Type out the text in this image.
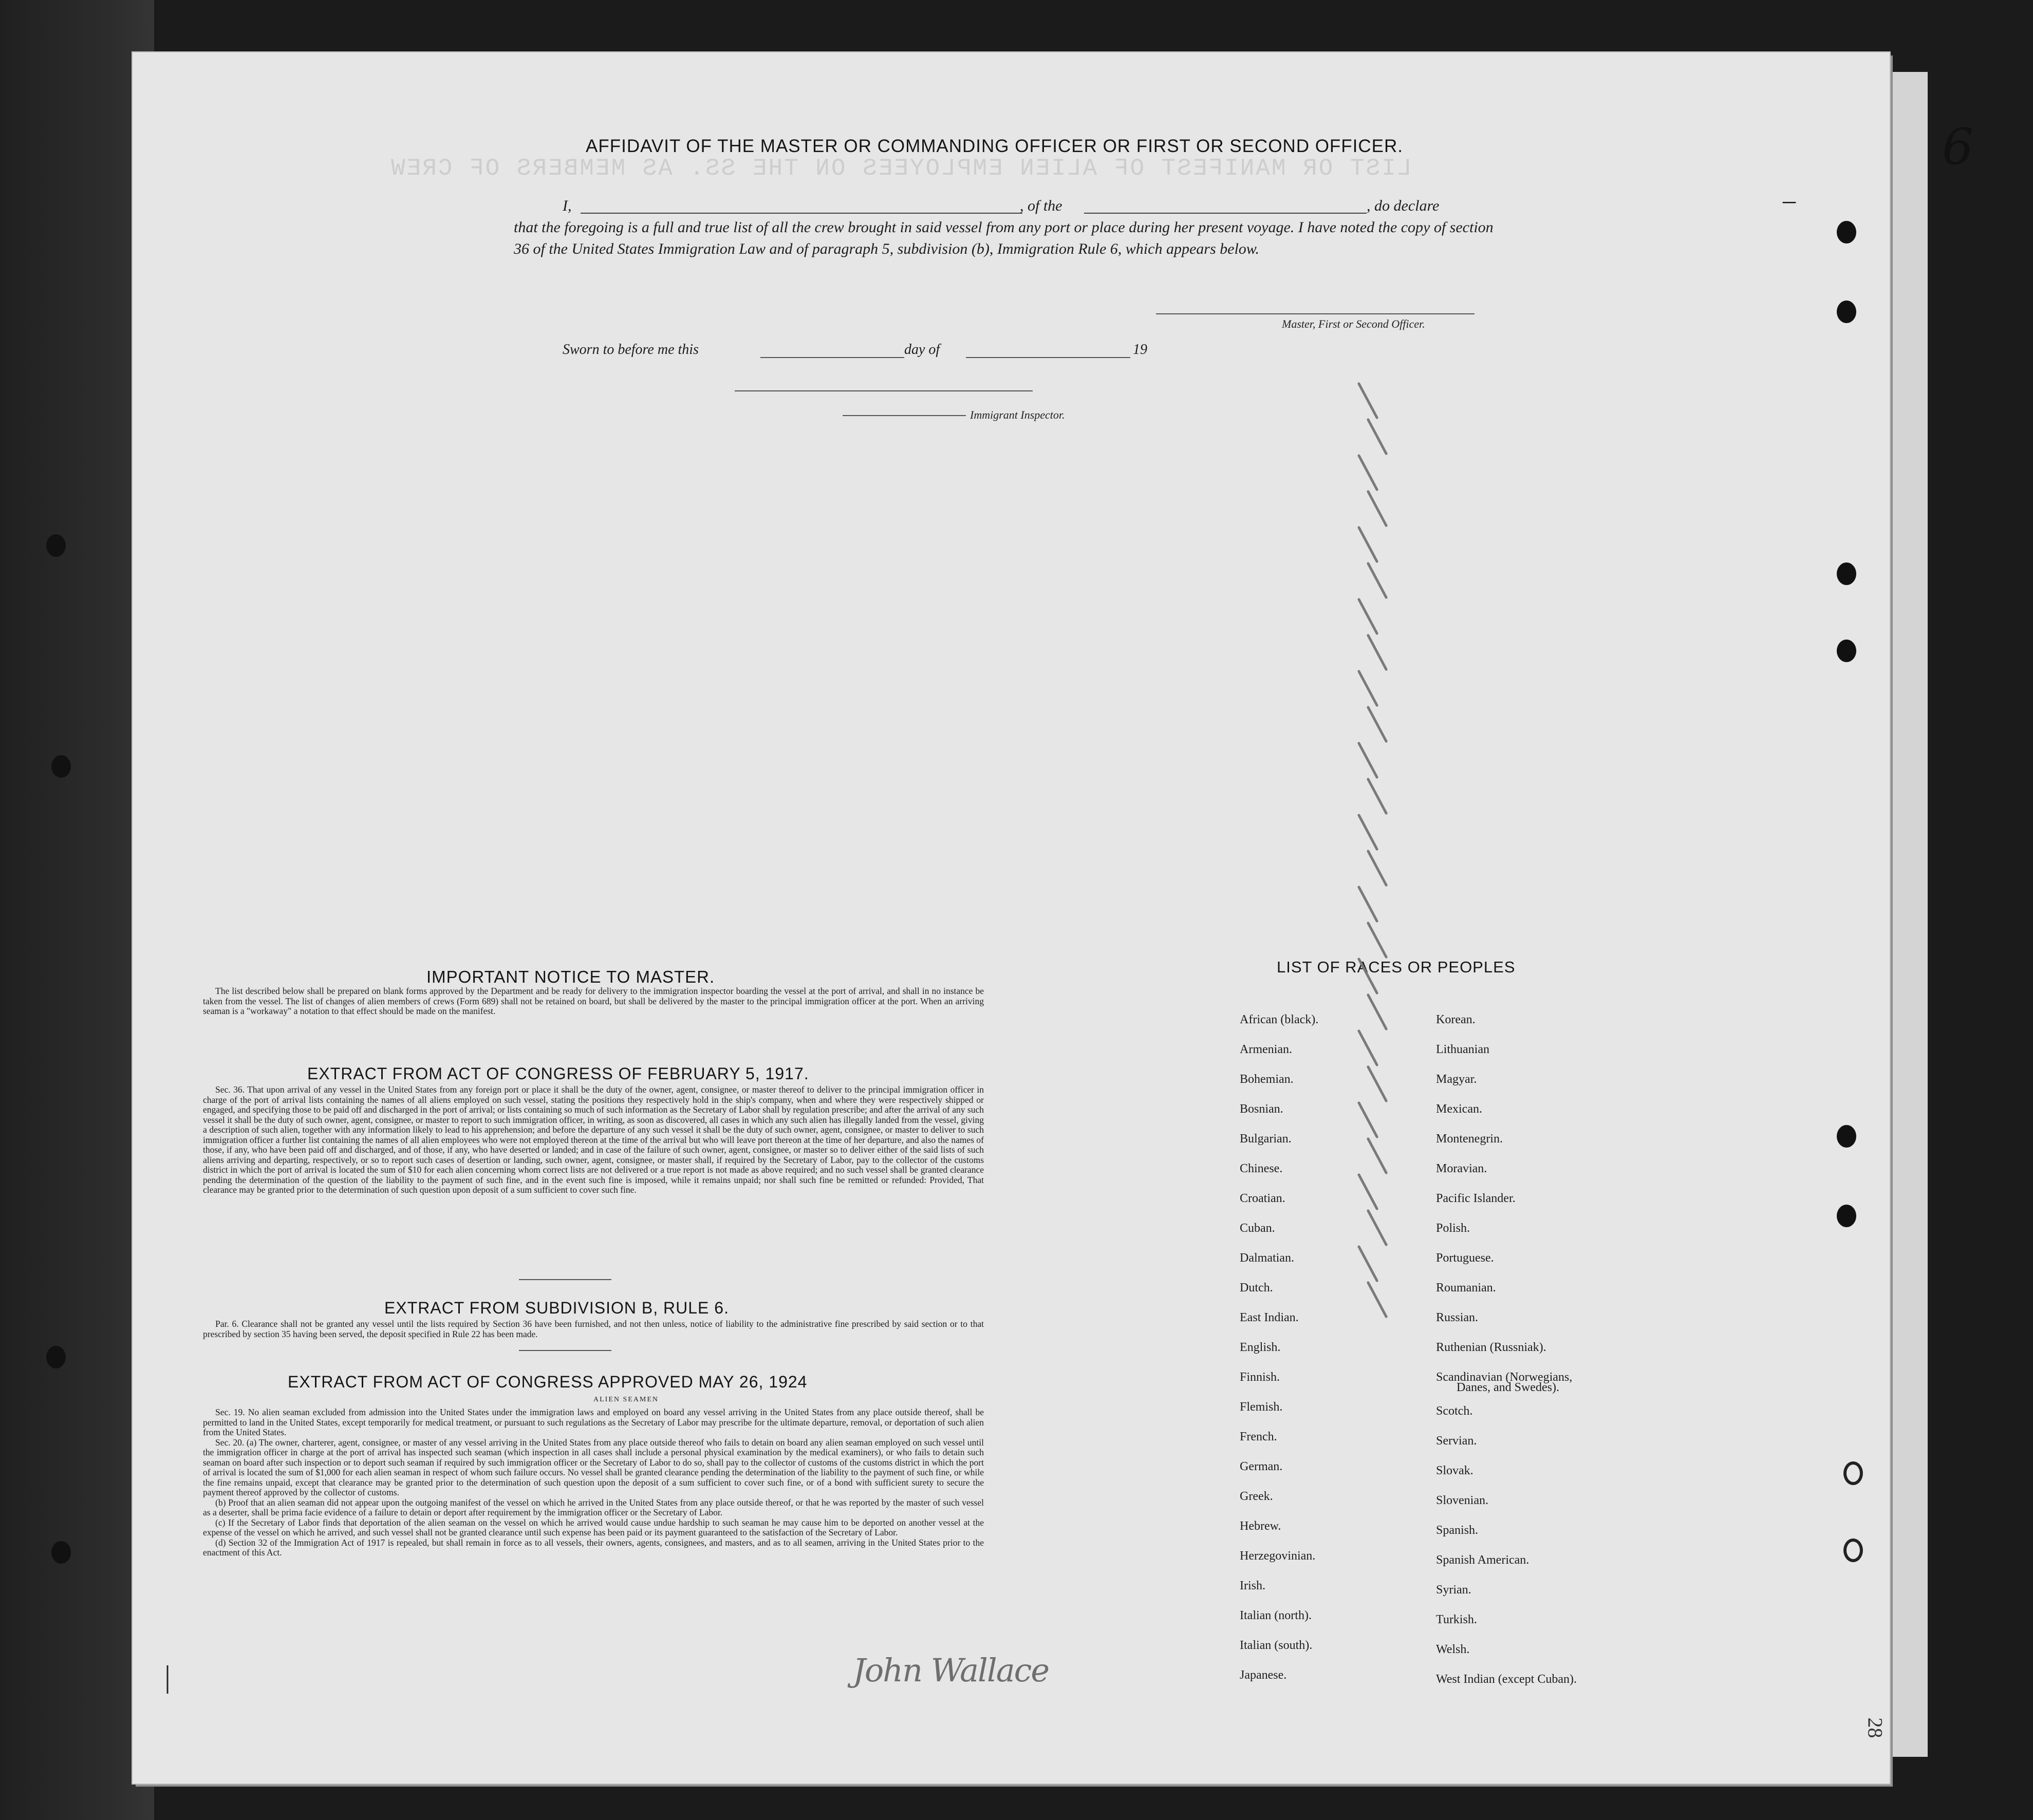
LIST OR MANIFEST OF ALIEN EMPLOYEES ON THE SS. AS MEMBERS OF CREW	6
–
AFFIDAVIT OF THE MASTER OR COMMANDING OFFICER OR FIRST OR SECOND OFFICER.
I,	, of the	, do declare
that the foregoing is a full and true list of all the crew brought in said vessel from any port or place during her present voyage. I have noted the copy of section 36 of the United States Immigration Law and of paragraph 5, subdivision (b), Immigration Rule 6, which appears below.
Master, First or Second Officer.
Sworn to before me this	day of	19
Immigrant Inspector.
IMPORTANT NOTICE TO MASTER.

The list described below shall be prepared on blank forms approved by the Department and be ready for delivery to the immigration inspector boarding the vessel at the port of arrival, and shall in no instance be taken from the vessel. The list of changes of alien members of crews (Form 689) shall not be retained on board, but shall be delivered by the master to the principal immigration officer at the port. When an arriving seaman is a "workaway" a notation to that effect should be made on the manifest.

EXTRACT FROM ACT OF CONGRESS OF FEBRUARY 5, 1917.

Sec. 36. That upon arrival of any vessel in the United States from any foreign port or place it shall be the duty of the owner, agent, consignee, or master thereof to deliver to the principal immigration officer in charge of the port of arrival lists containing the names of all aliens employed on such vessel, stating the positions they respectively hold in the ship's company, when and where they were respectively shipped or engaged, and specifying those to be paid off and discharged in the port of arrival; or lists containing so much of such information as the Secretary of Labor shall by regulation prescribe; and after the arrival of any such vessel it shall be the duty of such owner, agent, consignee, or master to report to such immigration officer, in writing, as soon as discovered, all cases in which any such alien has illegally landed from the vessel, giving a description of such alien, together with any information likely to lead to his apprehension; and before the departure of any such vessel it shall be the duty of such owner, agent, consignee, or master to deliver to such immigration officer a further list containing the names of all alien employees who were not employed thereon at the time of the arrival but who will leave port thereon at the time of her departure, and also the names of those, if any, who have been paid off and discharged, and of those, if any, who have deserted or landed; and in case of the failure of such owner, agent, consignee, or master so to deliver either of the said lists of such aliens arriving and departing, respectively, or so to report such cases of desertion or landing, such owner, agent, consignee, or master shall, if required by the Secretary of Labor, pay to the collector of the customs district in which the port of arrival is located the sum of $10 for each alien concerning whom correct lists are not delivered or a true report is not made as above required; and no such vessel shall be granted clearance pending the determination of the question of the liability to the payment of such fine, and in the event such fine is imposed, while it remains unpaid; nor shall such fine be remitted or refunded: Provided, That clearance may be granted prior to the determination of such question upon deposit of a sum sufficient to cover such fine.

EXTRACT FROM SUBDIVISION B, RULE 6.

Par. 6. Clearance shall not be granted any vessel until the lists required by Section 36 have been furnished, and not then unless, notice of liability to the administrative fine prescribed by said section or to that prescribed by section 35 having been served, the deposit specified in Rule 22 has been made.

EXTRACT FROM ACT OF CONGRESS APPROVED MAY 26, 1924
ALIEN SEAMEN

Sec. 19. No alien seaman excluded from admission into the United States under the immigration laws and employed on board any vessel arriving in the United States from any place outside thereof, shall be permitted to land in the United States, except temporarily for medical treatment, or pursuant to such regulations as the Secretary of Labor may prescribe for the ultimate departure, removal, or deportation of such alien from the United States.

Sec. 20. (a) The owner, charterer, agent, consignee, or master of any vessel arriving in the United States from any place outside thereof who fails to detain on board any alien seaman employed on such vessel until the immigration officer in charge at the port of arrival has inspected such seaman (which inspection in all cases shall include a personal physical examination by the medical examiners), or who fails to detain such seaman on board after such inspection or to deport such seaman if required by such immigration officer or the Secretary of Labor to do so, shall pay to the collector of customs of the customs district in which the port of arrival is located the sum of $1,000 for each alien seaman in respect of whom such failure occurs. No vessel shall be granted clearance pending the determination of the liability to the payment of such fine, or while the fine remains unpaid, except that clearance may be granted prior to the determination of such question upon the deposit of a sum sufficient to cover such fine, or of a bond with sufficient surety to secure the payment thereof approved by the collector of customs.

(b) Proof that an alien seaman did not appear upon the outgoing manifest of the vessel on which he arrived in the United States from any place outside thereof, or that he was reported by the master of such vessel as a deserter, shall be prima facie evidence of a failure to detain or deport after requirement by the immigration officer or the Secretary of Labor.

(c) If the Secretary of Labor finds that deportation of the alien seaman on the vessel on which he arrived would cause undue hardship to such seaman he may cause him to be deported on another vessel at the expense of the vessel on which he arrived, and such vessel shall not be granted clearance until such expense has been paid or its payment guaranteed to the satisfaction of the Secretary of Labor.

(d) Section 32 of the Immigration Act of 1917 is repealed, but shall remain in force as to all vessels, their owners, agents, consignees, and masters, and as to all seamen, arriving in the United States prior to the enactment of this Act.

LIST OF RACES OR PEOPLES
African (black).
Armenian.
Bohemian.
Bosnian.
Bulgarian.
Chinese.
Croatian.
Cuban.
Dalmatian.
Dutch.
East Indian.
English.
Finnish.
Flemish.
French.
German.
Greek.
Hebrew.
Herzegovinian.
Irish.
Italian (north).
Italian (south).
Japanese.
Korean.
Lithuanian
Magyar.
Mexican.
Montenegrin.
Moravian.
Pacific Islander.
Polish.
Portuguese.
Roumanian.
Russian.
Ruthenian (Russniak).
Scandinavian (Norwegians,
Scotch.
Servian.
Slovak.
Slovenian.
Spanish.
Spanish American.
Syrian.
Turkish.
Welsh.
West Indian (except Cuban).
Danes, and Swedes).
John Wallace
|
28
